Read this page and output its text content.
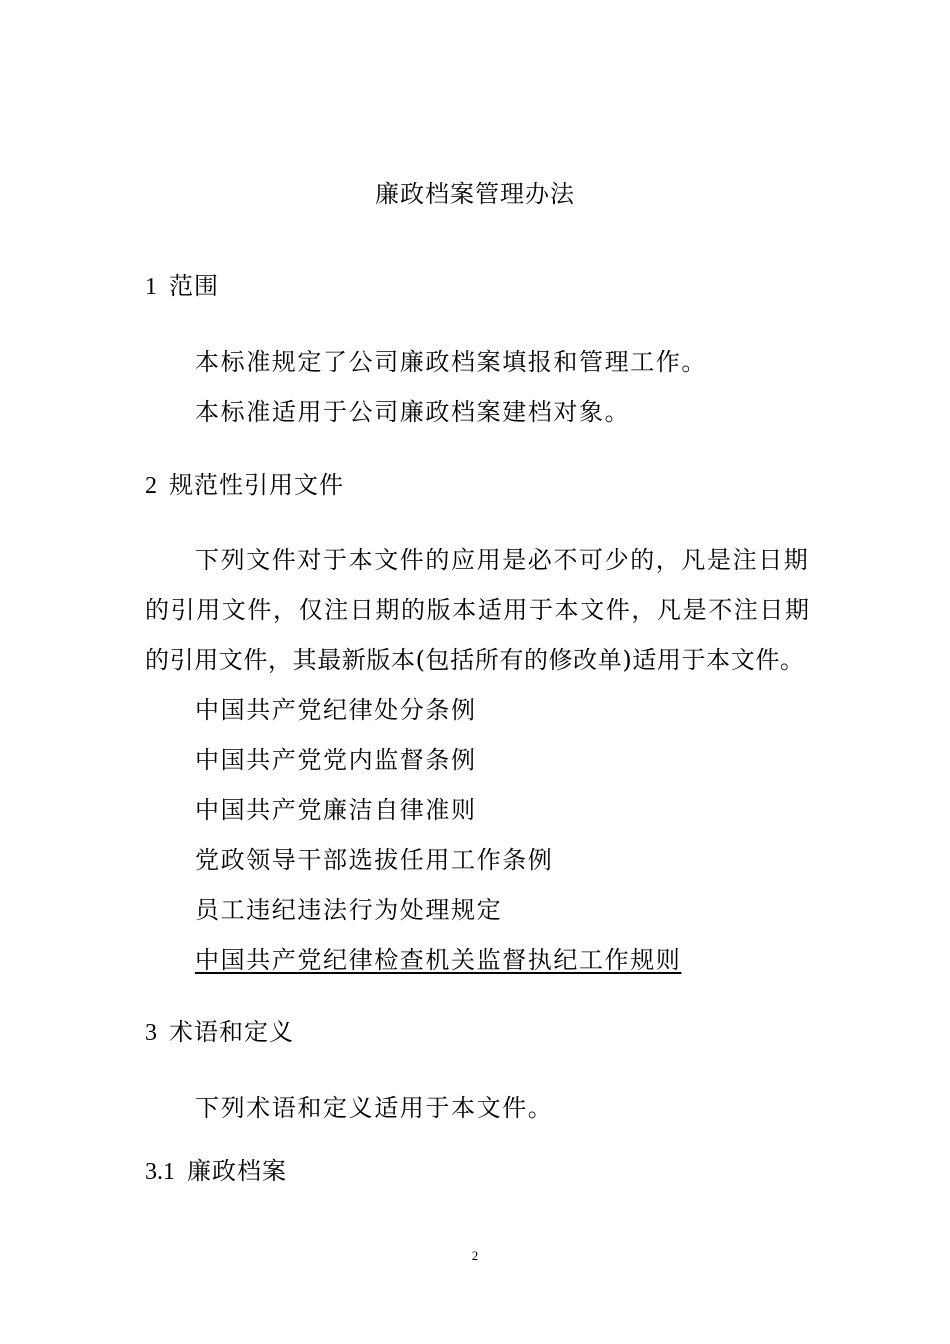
廉政档案管理办法
1 范围
本标准规定了公司廉政档案填报和管理工作。
本标准适用于公司廉政档案建档对象。
2 规范性引用文件
下列文件对于本文件的应用是必不可少的，凡是注日期
的引用文件，仅注日期的版本适用于本文件，凡是不注日期
的引用文件，其最新版本(包括所有的修改单)适用于本文件。
中国共产党纪律处分条例
中国共产党党内监督条例
中国共产党廉洁自律准则
党政领导干部选拔任用工作条例
员工违纪违法行为处理规定
中国共产党纪律检查机关监督执纪工作规则
3 术语和定义
下列术语和定义适用于本文件。
3.1 廉政档案
2
